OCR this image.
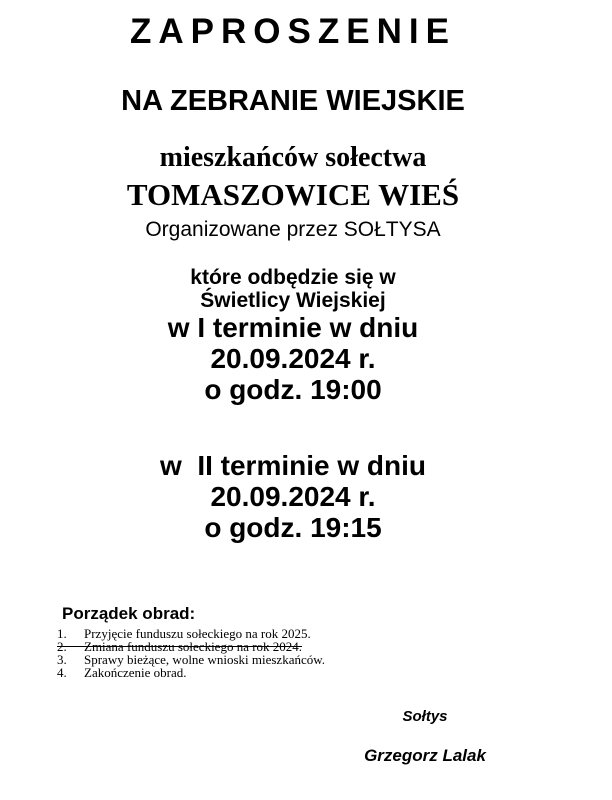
ZAPROSZENIE
NA ZEBRANIE WIEJSKIE

mieszkańców sołectwa

TOMASZOWICE WIEŚ

Organizowane przez SOŁTYSA

które odbędzie się w

Świetlicy Wiejskiej

w I terminie w dniu

20.09.2024 r.

o godz. 19:00

w  II terminie w dniu

20.09.2024 r.

o godz. 19:15

Porządek obrad:

1. Przyjęcie funduszu sołeckiego na rok 2025.
2. Zmiana funduszu sołeckiego na rok 2024.
3. Sprawy bieżące, wolne wnioski mieszkańców.
4. Zakończenie obrad.

Sołtys

Grzegorz Lalak
